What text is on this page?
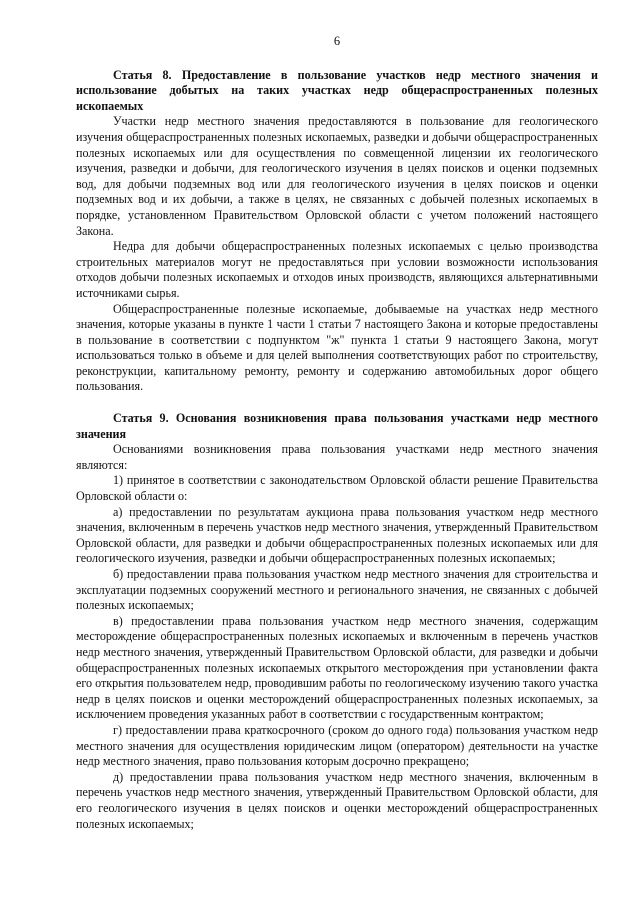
6

Статья 8. Предоставление в пользование участков недр местного значения и использование добытых на таких участках недр общераспространенных полезных ископаемых

Участки недр местного значения предоставляются в пользование для геологического изучения общераспространенных полезных ископаемых, разведки и добычи общераспространенных полезных ископаемых или для осуществления по совмещенной лицензии их геологического изучения, разведки и добычи, для геологического изучения в целях поисков и оценки подземных вод, для добычи подземных вод или для геологического изучения в целях поисков и оценки подземных вод и их добычи, а также в целях, не связанных с добычей полезных ископаемых в порядке, установленном Правительством Орловской области с учетом положений настоящего Закона.

Недра для добычи общераспространенных полезных ископаемых с целью производства строительных материалов могут не предоставляться при условии возможности использования отходов добычи полезных ископаемых и отходов иных производств, являющихся альтернативными источниками сырья.

Общераспространенные полезные ископаемые, добываемые на участках недр местного значения, которые указаны в пункте 1 части 1 статьи 7 настоящего Закона и которые предоставлены в пользование в соответствии с подпунктом "ж" пункта 1 статьи 9 настоящего Закона, могут использоваться только в объеме и для целей выполнения соответствующих работ по строительству, реконструкции, капитальному ремонту, ремонту и содержанию автомобильных дорог общего пользования.

Статья 9. Основания возникновения права пользования участками недр местного значения

Основаниями возникновения права пользования участками недр местного значения являются:

1) принятое в соответствии с законодательством Орловской области решение Правительства Орловской области о:

а) предоставлении по результатам аукциона права пользования участком недр местного значения, включенным в перечень участков недр местного значения, утвержденный Правительством Орловской области, для разведки и добычи общераспространенных полезных ископаемых или для геологического изучения, разведки и добычи общераспространенных полезных ископаемых;

б) предоставлении права пользования участком недр местного значения для строительства и эксплуатации подземных сооружений местного и регионального значения, не связанных с добычей полезных ископаемых;

в) предоставлении права пользования участком недр местного значения, содержащим месторождение общераспространенных полезных ископаемых и включенным в перечень участков недр местного значения, утвержденный Правительством Орловской области, для разведки и добычи общераспространенных полезных ископаемых открытого месторождения при установлении факта его открытия пользователем недр, проводившим работы по геологическому изучению такого участка недр в целях поисков и оценки месторождений общераспространенных полезных ископаемых, за исключением проведения указанных работ в соответствии с государственным контрактом;

г) предоставлении права краткосрочного (сроком до одного года) пользования участком недр местного значения для осуществления юридическим лицом (оператором) деятельности на участке недр местного значения, право пользования которым досрочно прекращено;

д) предоставлении права пользования участком недр местного значения, включенным в перечень участков недр местного значения, утвержденный Правительством Орловской области, для его геологического изучения в целях поисков и оценки месторождений общераспространенных полезных ископаемых;
